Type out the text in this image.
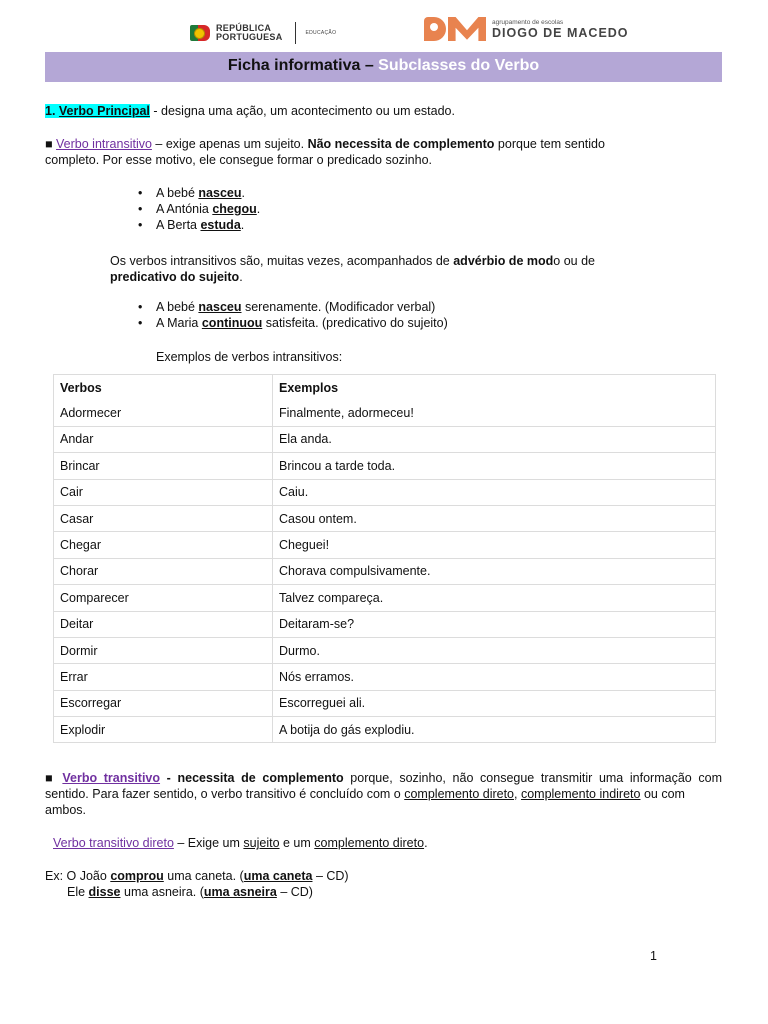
REPÚBLICA
PORTUGUESA	EDUCAÇÃO
agrupamento de escolas
DIOGO DE MACEDO
Ficha informativa – Subclasses do Verbo
1. Verbo Principal - designa uma ação, um acontecimento ou um estado.
■ Verbo intransitivo – exige apenas um sujeito. Não necessita de complemento porque tem sentido
completo. Por esse motivo, ele consegue formar o predicado sozinho.
• A bebé nasceu.
• A Antónia chegou.
• A Berta estuda.
Os verbos intransitivos são, muitas vezes, acompanhados de advérbio de modo ou de
predicativo do sujeito.
• A bebé nasceu serenamente. (Modificador verbal)
• A Maria continuou satisfeita. (predicativo do sujeito)
Exemplos de verbos intransitivos:
Verbos	Exemplos
Adormecer	Finalmente, adormeceu!
Andar	Ela anda.
Brincar	Brincou a tarde toda.
Cair	Caiu.
Casar	Casou ontem.
Chegar	Cheguei!
Chorar	Chorava compulsivamente.
Comparecer	Talvez compareça.
Deitar	Deitaram-se?
Dormir	Durmo.
Errar	Nós erramos.
Escorregar	Escorreguei ali.
Explodir	A botija do gás explodiu.
■ Verbo transitivo - necessita de complemento porque, sozinho, não consegue transmitir uma informação com
sentido. Para fazer sentido, o verbo transitivo é concluído com o complemento direto, complemento indireto ou com
ambos.
Verbo transitivo direto – Exige um sujeito e um complemento direto.
Ex: O João comprou uma caneta. (uma caneta – CD)
Ele disse uma asneira. (uma asneira – CD)
1
